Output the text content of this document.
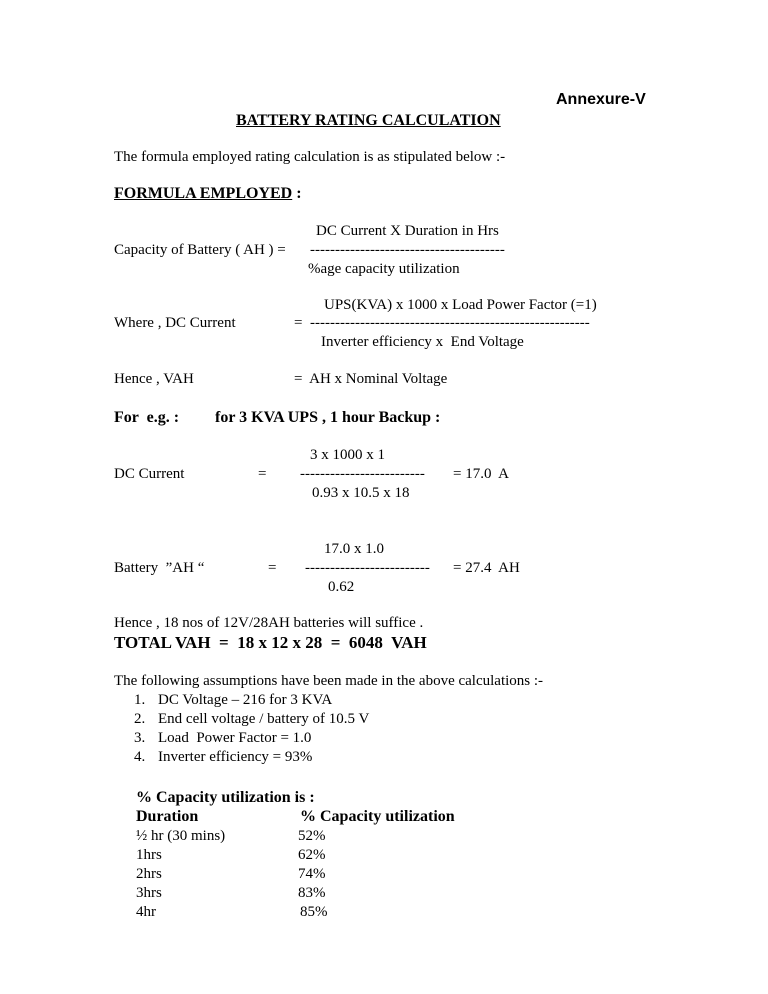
Annexure-V
BATTERY RATING CALCULATION
The formula employed rating calculation is as stipulated below :-
FORMULA EMPLOYED :
DC Current X Duration in Hrs
Capacity of Battery ( AH ) = ---------------------------------------
%age capacity utilization
UPS(KVA) x 1000 x Load Power Factor (=1)
Where , DC Current	= --------------------------------------------------------
Inverter efficiency x  End Voltage
Hence , VAH	=  AH x Nominal Voltage
For  e.g. : for 3 KVA UPS , 1 hour Backup :
3 x 1000 x 1
DC Current	= ------------------------- = 17.0  A
0.93 x 10.5 x 18
17.0 x 1.0
Battery  ”AH “	= ------------------------- = 27.4  AH
0.62
Hence , 18 nos of 12V/28AH batteries will suffice .
TOTAL VAH  =  18 x 12 x 28  =  6048  VAH
The following assumptions have been made in the above calculations :-
1. DC Voltage – 216 for 3 KVA
2. End cell voltage / battery of 10.5 V
3. Load  Power Factor = 1.0
4. Inverter efficiency = 93%
% Capacity utilization is :
Duration	% Capacity utilization
½ hr (30 mins)	52%
1hrs	62%
2hrs	74%
3hrs	83%
4hr	85%
